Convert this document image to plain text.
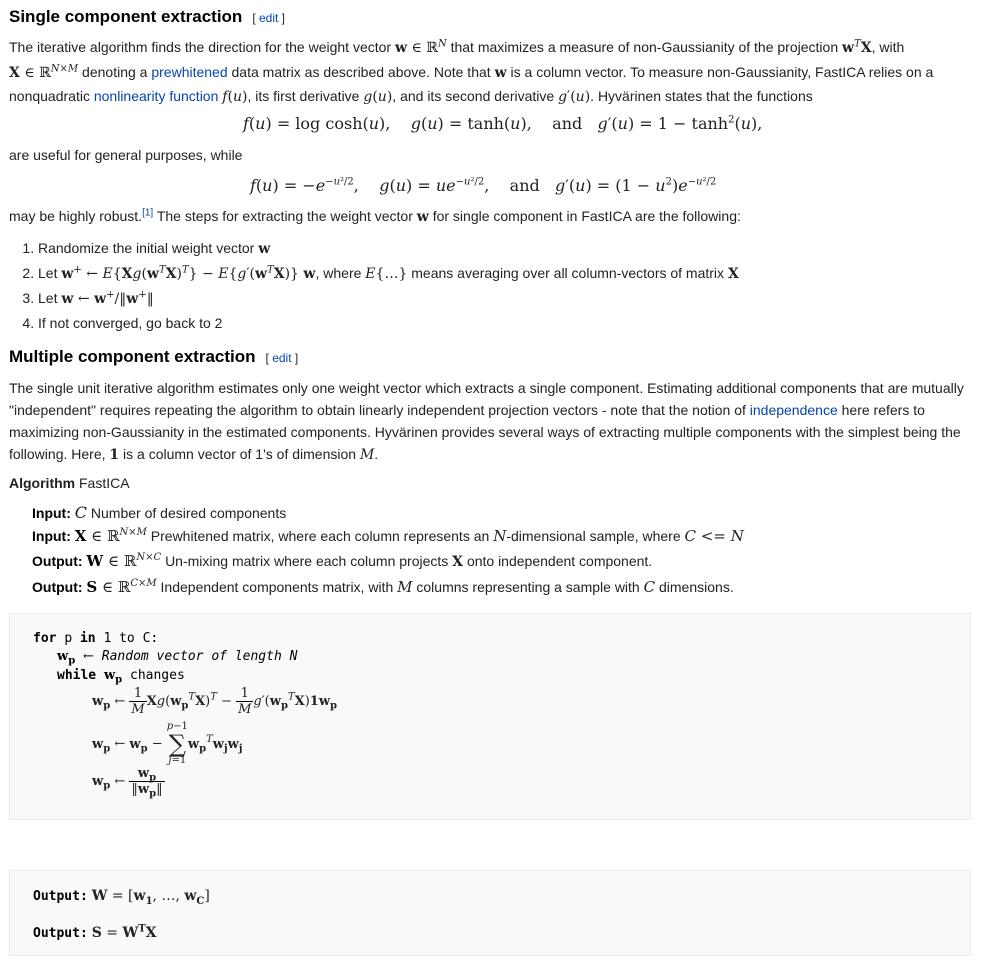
Single component extraction [ edit ]
The iterative algorithm finds the direction for the weight vector w ∈ ℝ$^N$ that maximizes a measure of non-Gaussianity of the projection $w^TX$, with
X ∈ ℝ$^{N\times M}$ denoting a prewhitened data matrix as described above. Note that w is a column vector. To measure non-Gaussianity, FastICA relies on a
nonquadratic nonlinearity function f(u), its first derivative g(u), and its second derivative g′(u). Hyvärinen states that the functions
f(u) = log cosh(u),    g(u) = tanh(u),    and   $g'(u) = 1 - \tanh^2(u)$,
are useful for general purposes, while
$f(u) = -e^{-u^2/2}$,    $g(u) = ue^{-u^2/2}$,    and   $g'(u) = (1 - u^2)e^{-u^2/2}$
may be highly robust.[1] The steps for extracting the weight vector w for single component in FastICA are the following:
1. Randomize the initial weight vector w
2. Let w+ ← $E\{Xg(w^TX)^T\} - E\{g'(w^TX)\}$ w, where E{…} means averaging over all column-vectors of matrix X
3. Let w ← w+/‖w+‖
4. If not converged, go back to 2
Multiple component extraction [ edit ]
The single unit iterative algorithm estimates only one weight vector which extracts a single component. Estimating additional components that are mutually "independent" requires repeating the algorithm to obtain linearly independent projection vectors - note that the notion of independence here refers to maximizing non-Gaussianity in the estimated components. Hyvärinen provides several ways of extracting multiple components with the simplest being the following. Here, 1 is a column vector of 1's of dimension M.
Algorithm FastICA
Input: C Number of desired components
Input: X ∈ ℝ$^{N\times M}$ Prewhitened matrix, where each column represents an N-dimensional sample, where C <= N
Output: W ∈ ℝ$^{N\times C}$ Un-mixing matrix where each column projects X onto independent component.
Output: S ∈ ℝ$^{C\times M}$ Independent components matrix, with M columns representing a sample with C dimensions.
for p in 1 to C:
$w_p$ ← Random vector of length N
while $w_p$ changes
$w_p$ ← $\frac{1}{M} Xg(w_p^TX)^T - \frac{1}{M} g'(w_p^TX)1w_p$
$w_p$ ← $w_p - p-1$
∑
$j=1w_p^Tw_jw_j$
$w_p$ ← $\frac{w_p}{‖w_p‖}$
Output: $W = [w_1$, …, $w_C$]
Output: $S = W^TX$
